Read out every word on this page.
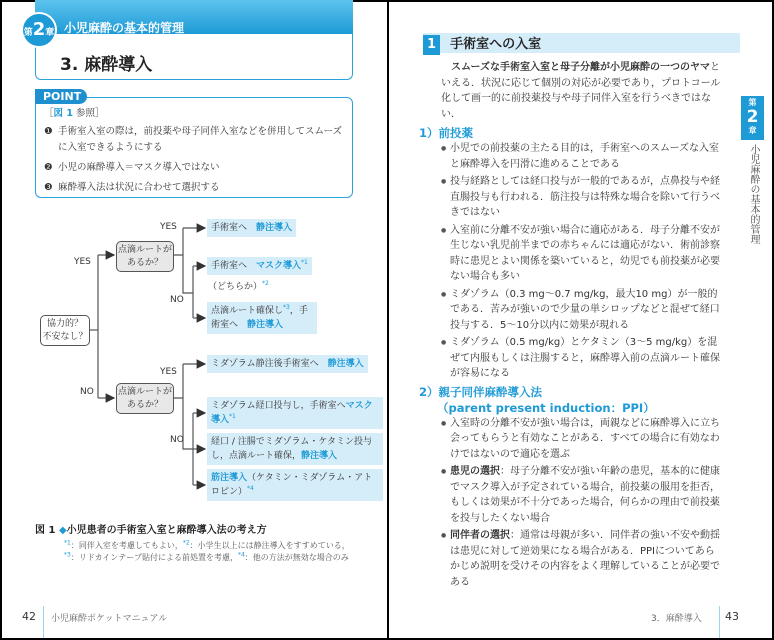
第2章 小児麻酔の基本的管理
3. 麻酔導入
［図 1 参照］
❶ 手術室入室の際は，前投薬や母子同伴入室などを併用してスムーズに入室できるようにする
❷ 小児の麻酔導入＝マスク導入ではない
❸ 麻酔導入法は状況に合わせて選択する
POINT
協力的？
不安なし？
点滴ルートが
あるか？
点滴ルートが
あるか？
YES
NO
YES
NO
YES
NO
手術室へ　静注導入
手術室へ　マスク導入$^{*1}$
（どちらか）$^{*2}$
点滴ルート確保し$^{*3}$，手術室へ　静注導入
ミダゾラム静注後手術室へ　静注導入
ミダゾラム経口投与し，手術室へマスク導入$^{*1}$
経口 / 注腸でミダゾラム・ケタミン投与し，点滴ルート確保，静注導入
筋注導入（ケタミン・ミダゾラム・アトロピン）$^{*4}$
図 1 ◆小児患者の手術室入室と麻酔導入法の考え方
$^{*1}$：同伴入室を考慮してもよい，$^{*2}$：小学生以上には静注導入をすすめている，$^{*3}$：リドカインテープ貼付による前処置を考慮，$^{*4}$：他の方法が無効な場合のみ
42 小児麻酔ポケットマニュアル
1 手術室への入室
スムーズな手術室入室と母子分離が小児麻酔の一つのヤマといえる．状況に応じて個別の対応が必要であり，プロトコール化して画一的に前投薬投与や母子同伴入室を行うべきではない．
1）前投薬
● 小児での前投薬の主たる目的は，手術室へのスムーズな入室と麻酔導入を円滑に進めることである
● 投与経路としては経口投与が一般的であるが，点鼻投与や経直腸投与も行われる．筋注投与は特殊な場合を除いて行うべきではない
● 入室前に分離不安が強い場合に適応がある．母子分離不安が生じない乳児前半までの赤ちゃんには適応がない．術前診察時に患児とよい関係を築いていると，幼児でも前投薬が必要ない場合も多い
● ミダゾラム（0.3 mg〜0.7 mg/kg，最大10 mg）が一般的である．苦みが強いので少量の単シロップなどと混ぜて経口投与する．5〜10分以内に効果が現れる
● ミダゾラム（0.5 mg/kg）とケタミン（3〜5 mg/kg）を混ぜて内服もしくは注腸すると，麻酔導入前の点滴ルート確保が容易になる
2）親子同伴麻酔導入法
（parent present induction：PPI）
● 入室時の分離不安が強い場合は，両親などに麻酔導入に立ち会ってもらうと有効なことがある．すべての場合に有効なわけではないので適応を選ぶ
● 患児の選択：母子分離不安が強い年齢の患児，基本的に健康でマスク導入が予定されている場合，前投薬の服用を拒否，もしくは効果が不十分であった場合，何らかの理由で前投薬を投与したくない場合
● 同伴者の選択：通常は母親が多い．同伴者の強い不安や動揺は患児に対して逆効果になる場合がある．PPIについてあらかじめ説明を受けその内容をよく理解していることが必要である
第
2
章
小児麻酔の基本的管理
3．麻酔導入 43
